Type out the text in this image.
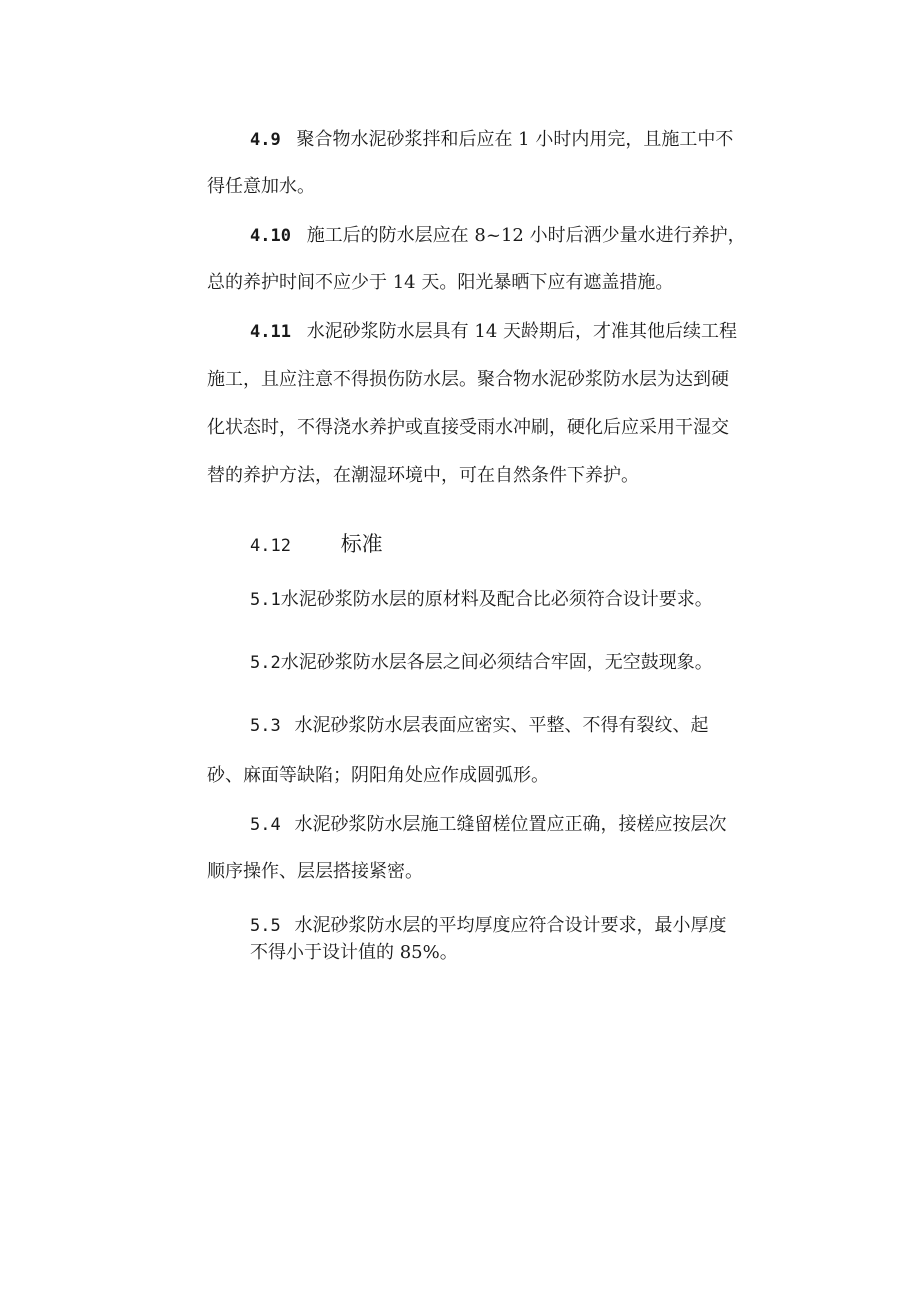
4.9 聚合物水泥砂浆拌和后应在 1 小时内用完，且施工中不
得任意加水。
4.10 施工后的防水层应在 8~12 小时后洒少量水进行养护，
总的养护时间不应少于 14 天。阳光暴晒下应有遮盖措施。
4.11 水泥砂浆防水层具有 14 天龄期后，才准其他后续工程
施工，且应注意不得损伤防水层。聚合物水泥砂浆防水层为达到硬
化状态时，不得浇水养护或直接受雨水冲刷，硬化后应采用干湿交
替的养护方法，在潮湿环境中，可在自然条件下养护。
4.12 标准
5.1水泥砂浆防水层的原材料及配合比必须符合设计要求。
5.2水泥砂浆防水层各层之间必须结合牢固，无空鼓现象。
5.3 水泥砂浆防水层表面应密实、平整、不得有裂纹、起
砂、麻面等缺陷；阴阳角处应作成圆弧形。
5.4 水泥砂浆防水层施工缝留槎位置应正确，接槎应按层次
顺序操作、层层搭接紧密。
5.5 水泥砂浆防水层的平均厚度应符合设计要求，最小厚度
不得小于设计值的 85%。
